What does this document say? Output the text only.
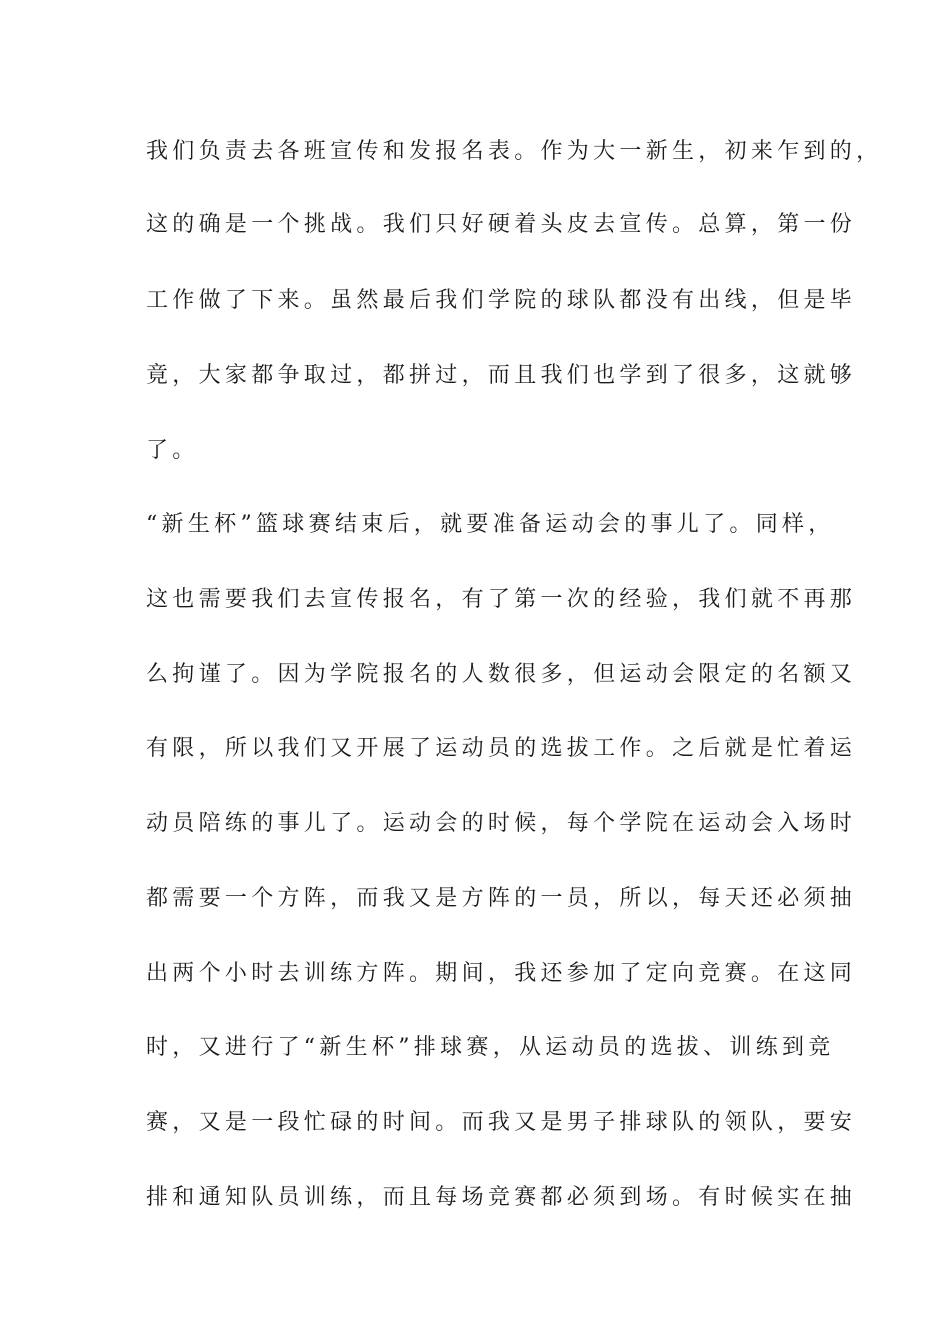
我们负责去各班宣传和发报名表。作为大一新生，初来乍到的，
这的确是一个挑战。我们只好硬着头皮去宣传。总算，第一份
工作做了下来。虽然最后我们学院的球队都没有出线，但是毕
竟，大家都争取过，都拼过，而且我们也学到了很多，这就够
了。
“新生杯”篮球赛结束后，就要准备运动会的事儿了。同样，
这也需要我们去宣传报名，有了第一次的经验，我们就不再那
么拘谨了。因为学院报名的人数很多，但运动会限定的名额又
有限，所以我们又开展了运动员的选拔工作。之后就是忙着运
动员陪练的事儿了。运动会的时候，每个学院在运动会入场时
都需要一个方阵，而我又是方阵的一员，所以，每天还必须抽
出两个小时去训练方阵。期间，我还参加了定向竞赛。在这同
时，又进行了“新生杯”排球赛，从运动员的选拔、训练到竞
赛，又是一段忙碌的时间。而我又是男子排球队的领队，要安
排和通知队员训练，而且每场竞赛都必须到场。有时候实在抽
